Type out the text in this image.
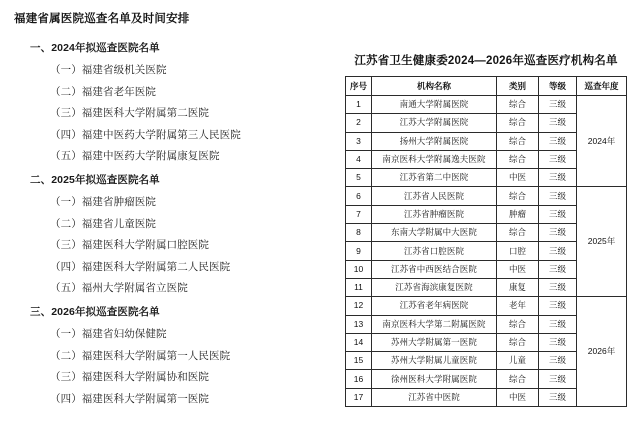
福建省属医院巡查名单及时间安排
一、2024年拟巡查医院名单
（一）福建省级机关医院
（二）福建省老年医院
（三）福建医科大学附属第二医院
（四）福建中医药大学附属第三人民医院
（五）福建中医药大学附属康复医院
二、2025年拟巡查医院名单
（一）福建省肿瘤医院
（二）福建省儿童医院
（三）福建医科大学附属口腔医院
（四）福建医科大学附属第二人民医院
（五）福州大学附属省立医院
三、2026年拟巡查医院名单
（一）福建省妇幼保健院
（二）福建医科大学附属第一人民医院
（三）福建医科大学附属协和医院
（四）福建医科大学附属第一医院
江苏省卫生健康委2024—2026年巡查医疗机构名单
序号	机构名称	类别	等级	巡查年度
1	南通大学附属医院	综合	三级	2024年
2	江苏大学附属医院	综合	三级	
3	扬州大学附属医院	综合	三级	
4	南京医科大学附属逸夫医院	综合	三级	
5	江苏省第二中医院	中医	三级	
6	江苏省人民医院	综合	三级	2025年
7	江苏省肿瘤医院	肿瘤	三级	
8	东南大学附属中大医院	综合	三级	
9	江苏省口腔医院	口腔	三级	
10	江苏省中西医结合医院	中医	三级	
11	江苏省海滨康复医院	康复	三级	
12	江苏省老年病医院	老年	三级	2026年
13	南京医科大学第二附属医院	综合	三级	
14	苏州大学附属第一医院	综合	三级	
15	苏州大学附属儿童医院	儿童	三级	
16	徐州医科大学附属医院	综合	三级	
17	江苏省中医院	中医	三级	
